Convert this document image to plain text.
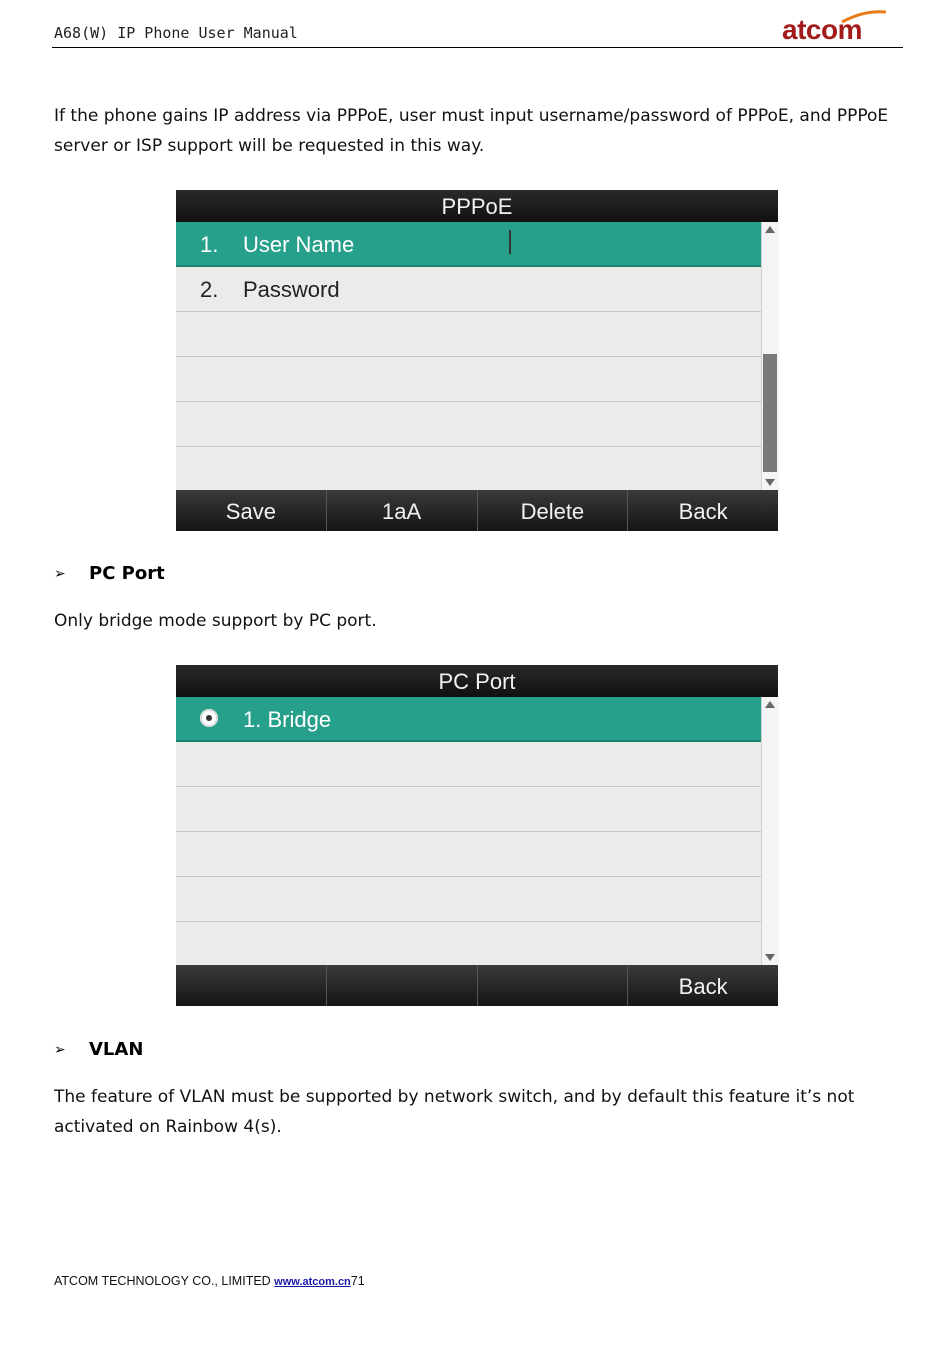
A68(W) IP Phone User Manual	atcom

If the phone gains IP address via PPPoE, user must input username/password of PPPoE, and PPPoE server or ISP support will be requested in this way.

PPPoE
1. User Name
2. Password
Save	1aA	Delete	Back
➢	PC Port

Only bridge mode support by PC port.

PC Port
1. Bridge
Back
➢	VLAN

The feature of VLAN must be supported by network switch, and by default this feature it’s not activated on Rainbow 4(s).

ATCOM TECHNOLOGY CO., LIMITED www.atcom.cn71
